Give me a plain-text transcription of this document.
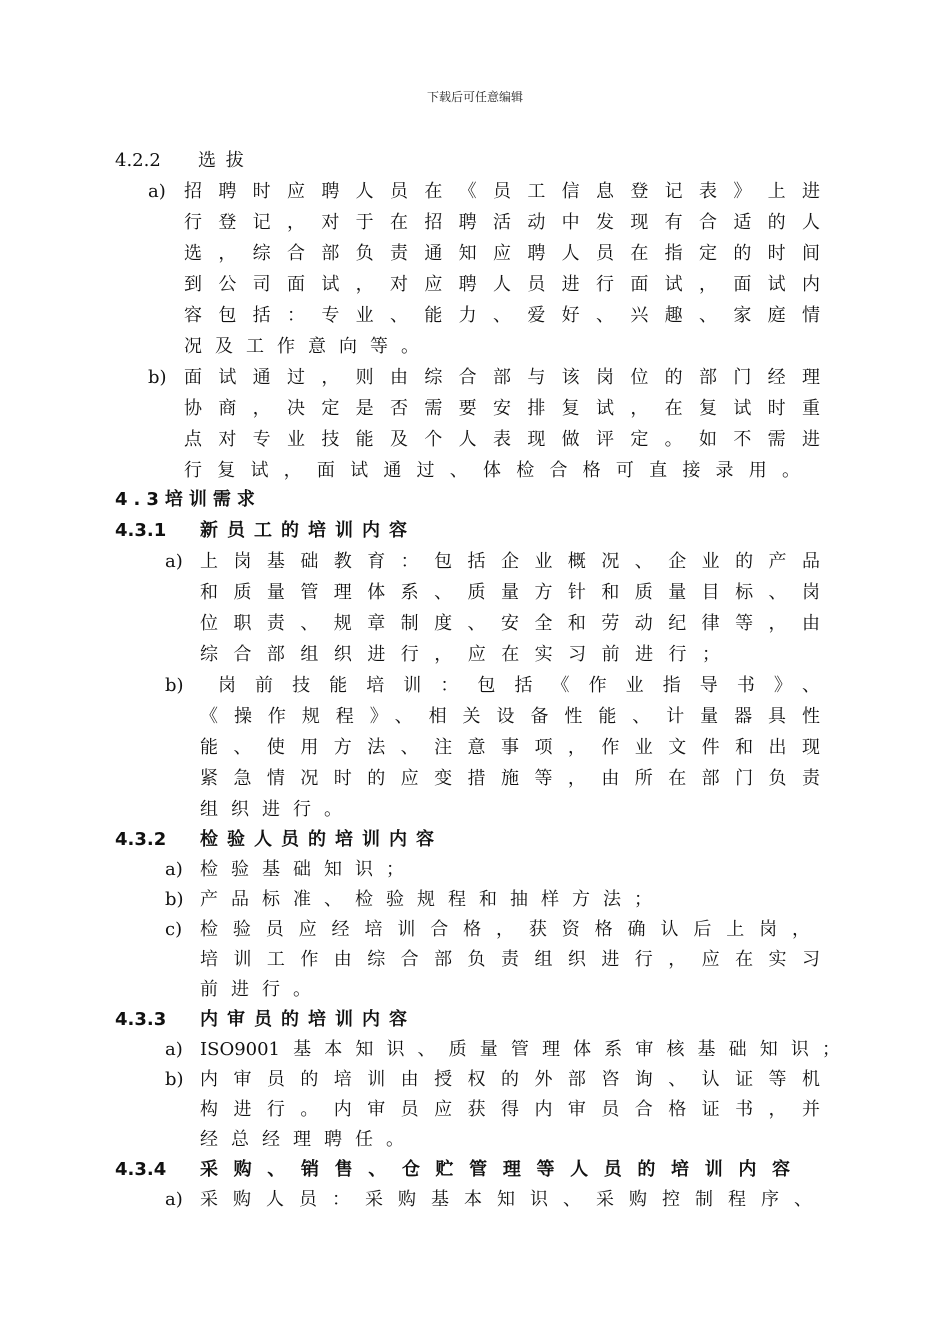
下载后可任意编辑
4.2.2 选 拔
a) 招聘时应聘人员在《员工信息登记表》上进
行登记，对于在招聘活动中发现有合适的人
选，综合部负责通知应聘人员在指定的时间
到公司面试，对应聘人员进行面试，面试内
容包括：专业、能力、爱好、兴趣、家庭情
况及工作意向等。
b) 面试通过，则由综合部与该岗位的部门经理
协商，决定是否需要安排复试，在复试时重
点对专业技能及个人表现做评定。如不需进
行复试，面试通过、体检合格可直接录用。
4.3培训需求
4.3.1 新员工的培训内容
a) 上岗基础教育：包括企业概况、企业的产品
和质量管理体系、质量方针和质量目标、岗
位职责、规章制度、安全和劳动纪律等，由
综合部组织进行，应在实习前进行；
b) 岗前技能培训：包括《作业指导书》、
《操作规程》、相关设备性能、计量器具性
能、使用方法、注意事项，作业文件和出现
紧急情况时的应变措施等，由所在部门负责
组织进行。
4.3.2 检验人员的培训内容
a) 检验基础知识；
b) 产品标准、检验规程和抽样方法；
c) 检验员应经培训合格，获资格确认后上岗，
培训工作由综合部负责组织进行，应在实习
前进行。
4.3.3 内审员的培训内容
a) ISO9001基本知识、质量管理体系审核基础知识；
b) 内审员的培训由授权的外部咨询、认证等机
构进行。内审员应获得内审员合格证书，并
经总经理聘任。
4.3.4 采购、销售、仓贮管理等人员的培训内容
a) 采购人员：采购基本知识、采购控制程序、
